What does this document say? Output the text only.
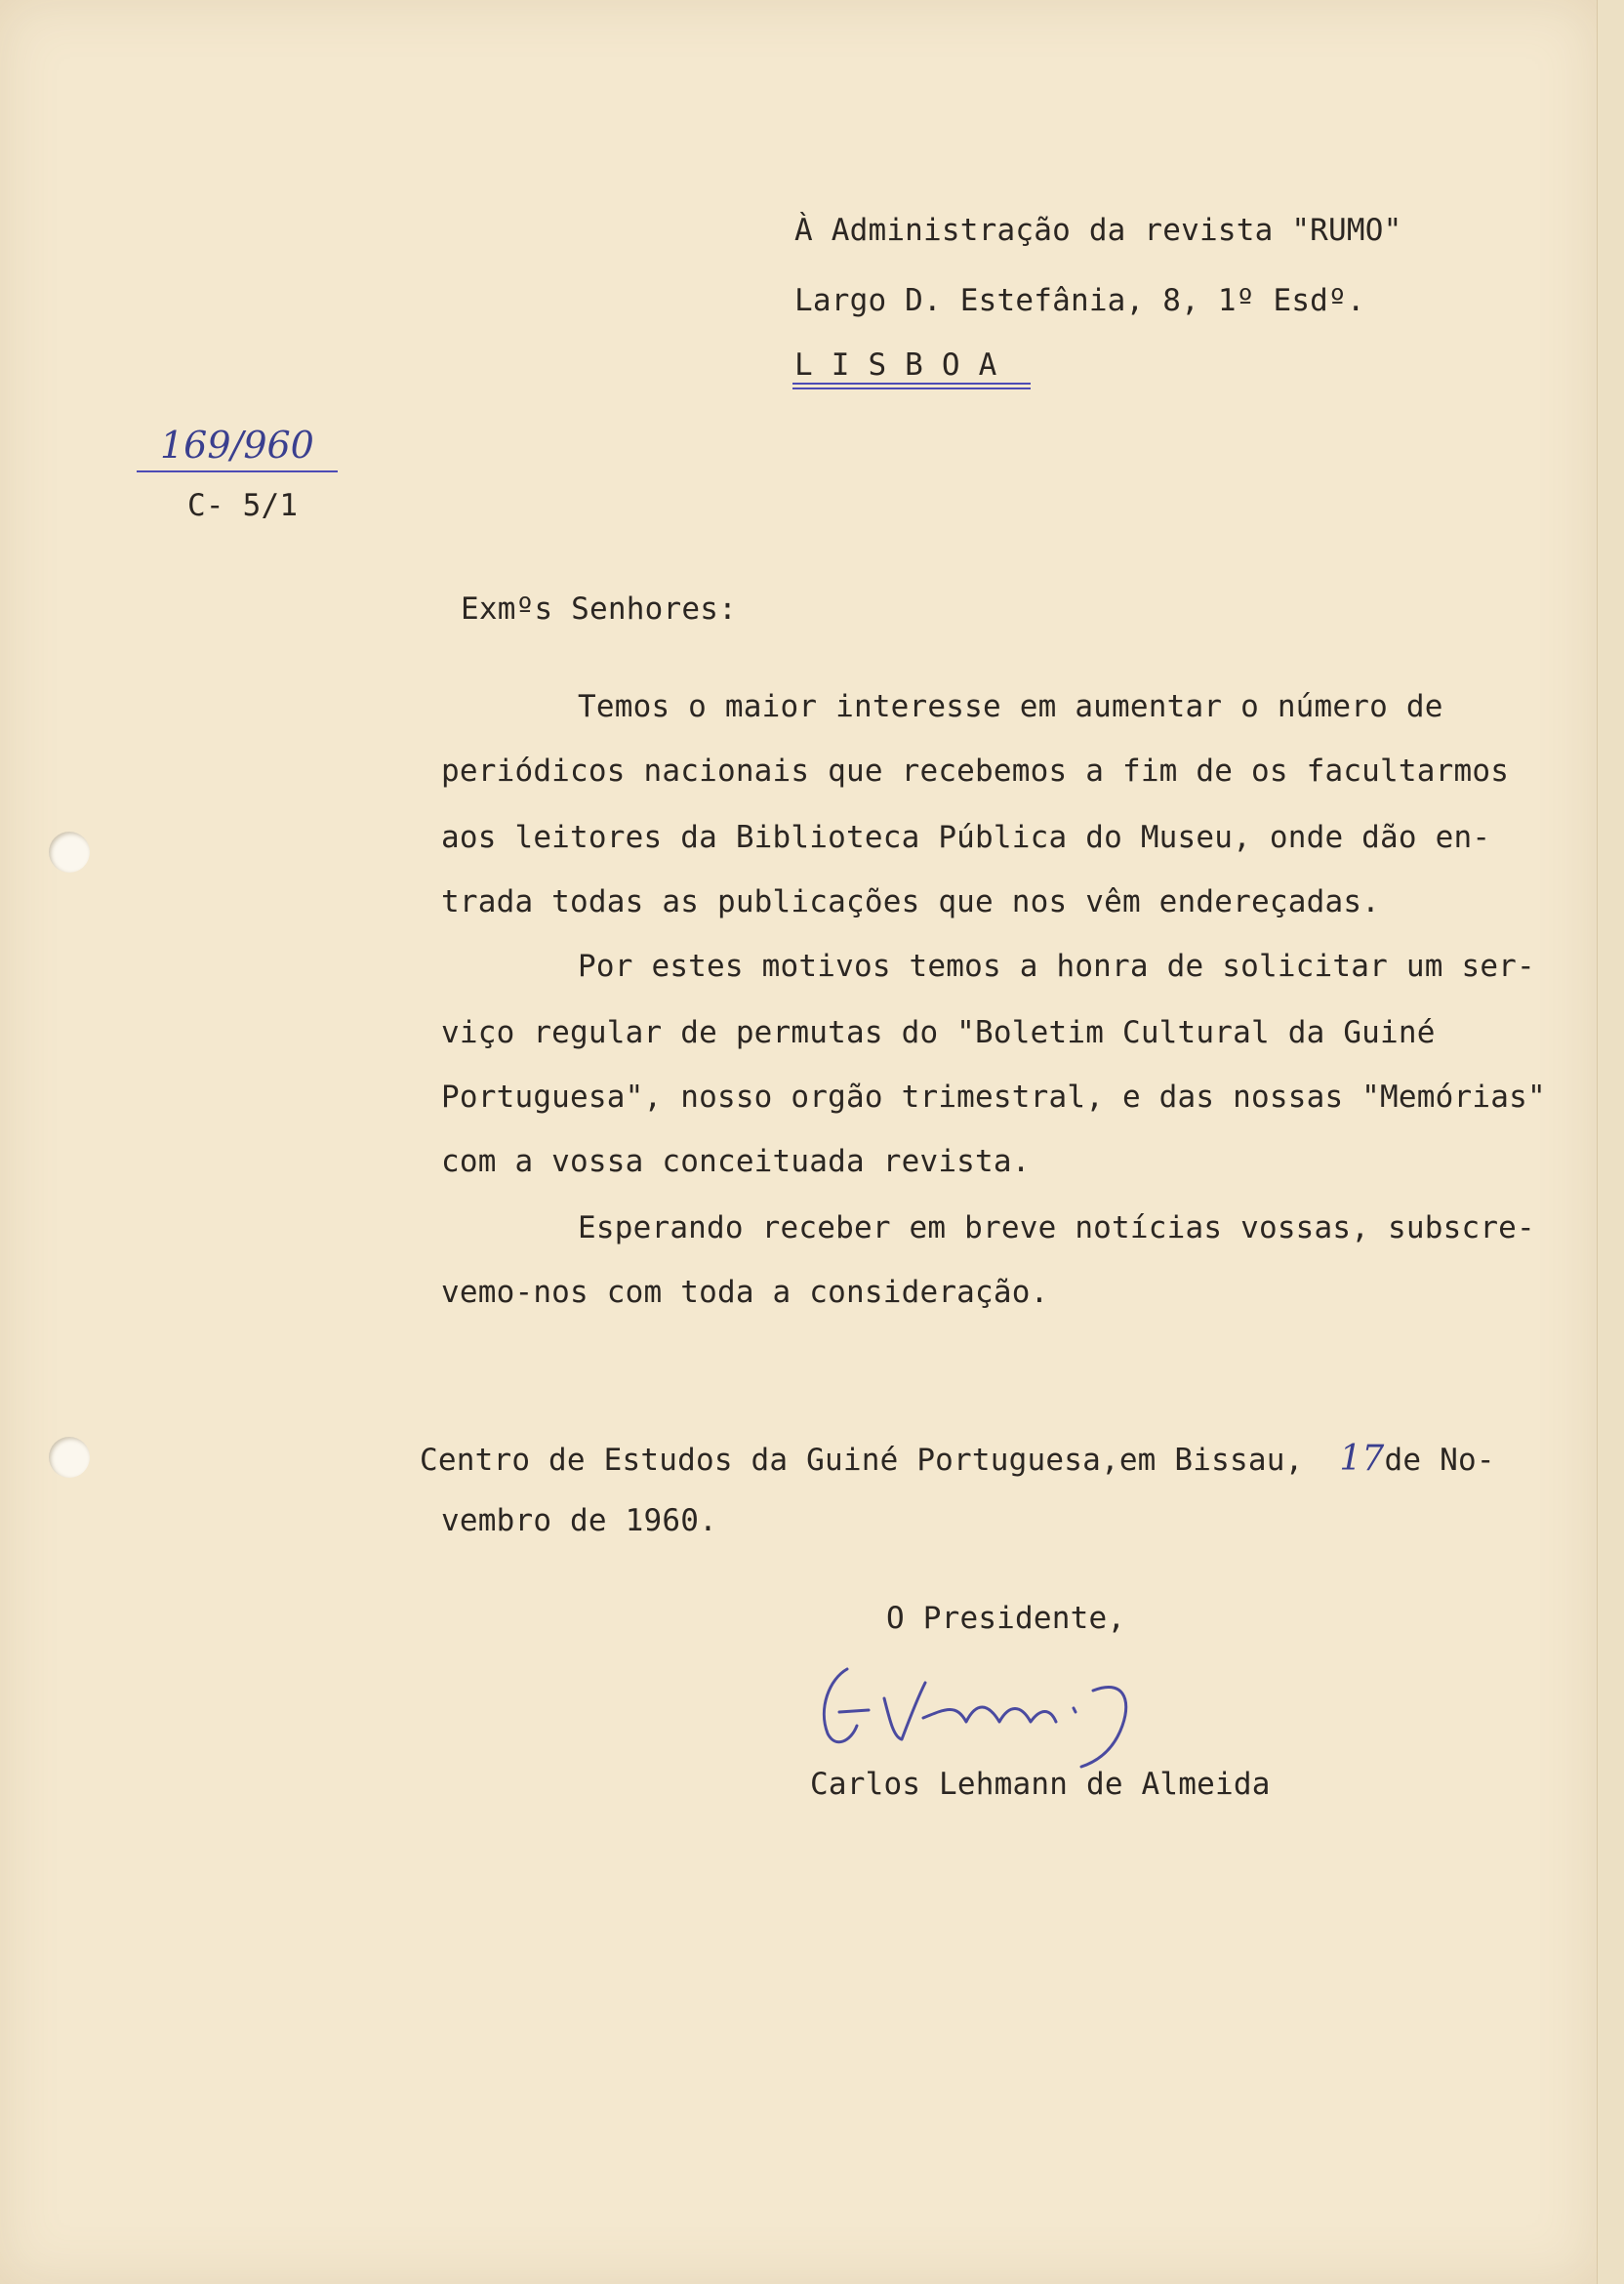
À Administração da revista "RUMO"
Largo D. Estefânia, 8, 1º Esdº.
L I S B O A
169/960
C- 5/1
Exmºs Senhores:
Temos o maior interesse em aumentar o número de
periódicos nacionais que recebemos a fim de os facultarmos
aos leitores da Biblioteca Pública do Museu, onde dão en-
trada todas as publicações que nos vêm endereçadas.
Por estes motivos temos a honra de solicitar um ser-
viço regular de permutas do "Boletim Cultural da Guiné
Portuguesa", nosso orgão trimestral, e das nossas "Memórias"
com a vossa conceituada revista.
Esperando receber em breve notícias vossas, subscre-
vemo-nos com toda a consideração.
Centro de Estudos da Guiné Portuguesa,em Bissau, 17de No-
vembro de 1960.
O Presidente,
Carlos Lehmann de Almeida
